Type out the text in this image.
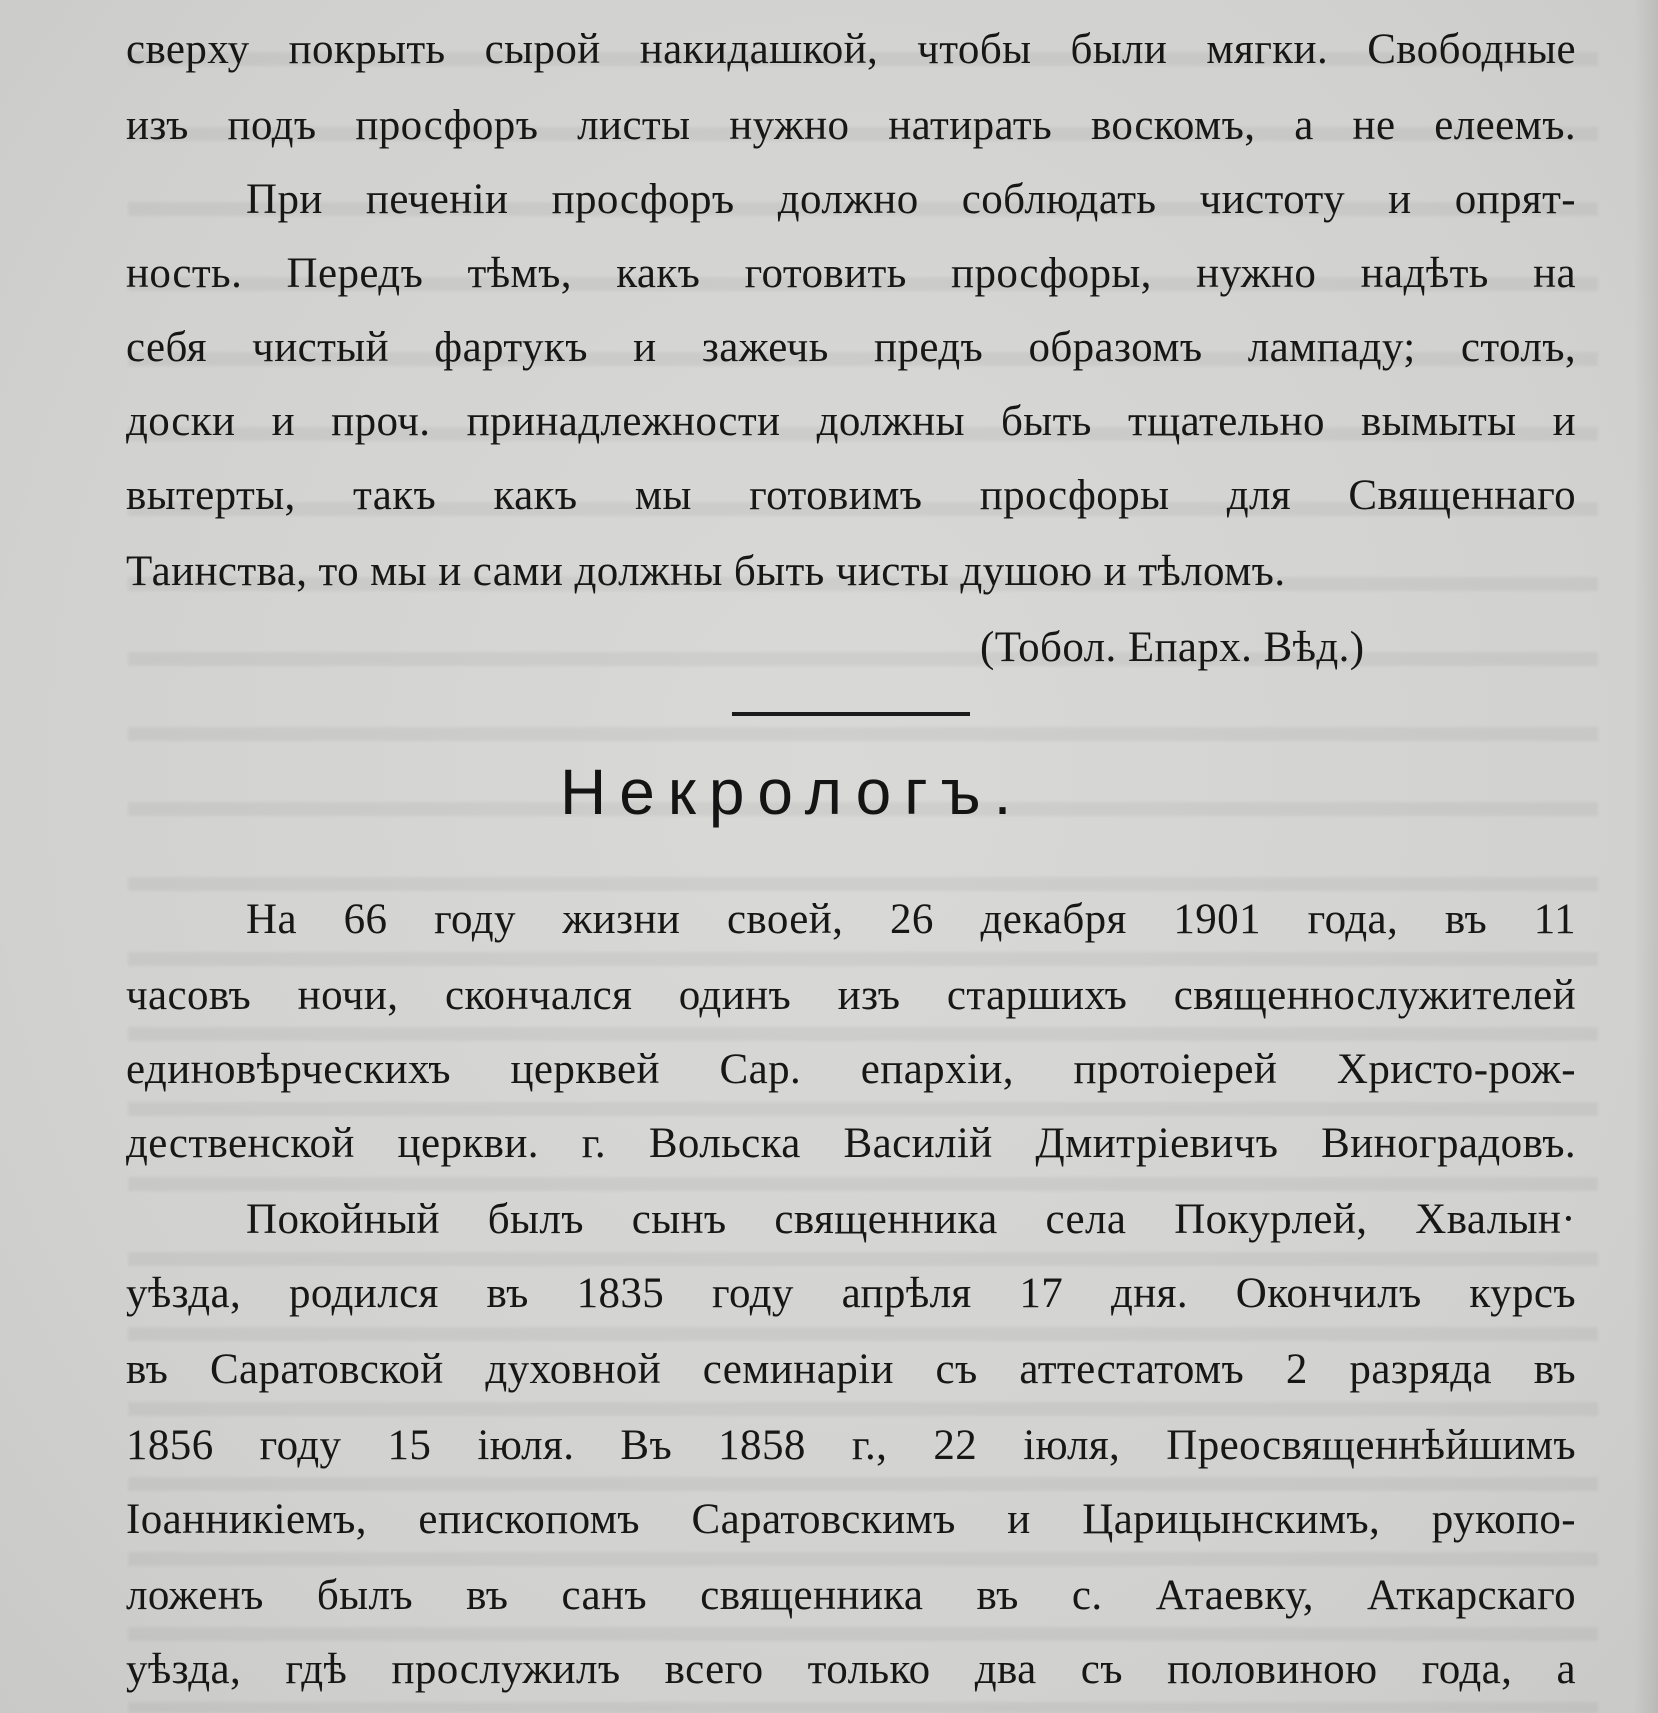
сверху покрыть сырой накидашкой, чтобы были мягки. Свободные
изъ подъ просфоръ листы нужно натирать воскомъ, а не елеемъ.
При печенiи просфоръ должно соблюдать чистоту и опрят-
ность. Передъ тѣмъ, какъ готовить просфоры, нужно надѣть на
себя чистый фартукъ и зажечь предъ образомъ лампаду; столъ,
доски и проч. принадлежности должны быть тщательно вымыты и
вытерты, такъ какъ мы готовимъ просфоры для Священнаго
Таинства, то мы и сами должны быть чисты душою и тѣломъ.
(Тобол. Епарх. Вѣд.)
Некрологъ.
На 66 году жизни своей, 26 декабря 1901 года, въ 11
часовъ ночи, скончался одинъ изъ старшихъ священнослужителей
единовѣрческихъ церквей Сар. епархiи, протоiерей Христо-рож-
дественской церкви. г. Вольска Василiй Дмитрiевичъ Виноградовъ.
Покойный былъ сынъ священника села Покурлей, Хвалын·
уѣзда, родился въ 1835 году апрѣля 17 дня. Окончилъ курсъ
въ Саратовской духовной семинарiи съ аттестатомъ 2 разряда въ
1856 году 15 iюля. Въ 1858 г., 22 iюля, Преосвященнѣйшимъ
Iоанникiемъ, епископомъ Саратовскимъ и Царицынскимъ, рукопо-
ложенъ былъ въ санъ священника въ с. Атаевку, Аткарскаго
уѣзда, гдѣ прослужилъ всего только два съ половиною года, а
